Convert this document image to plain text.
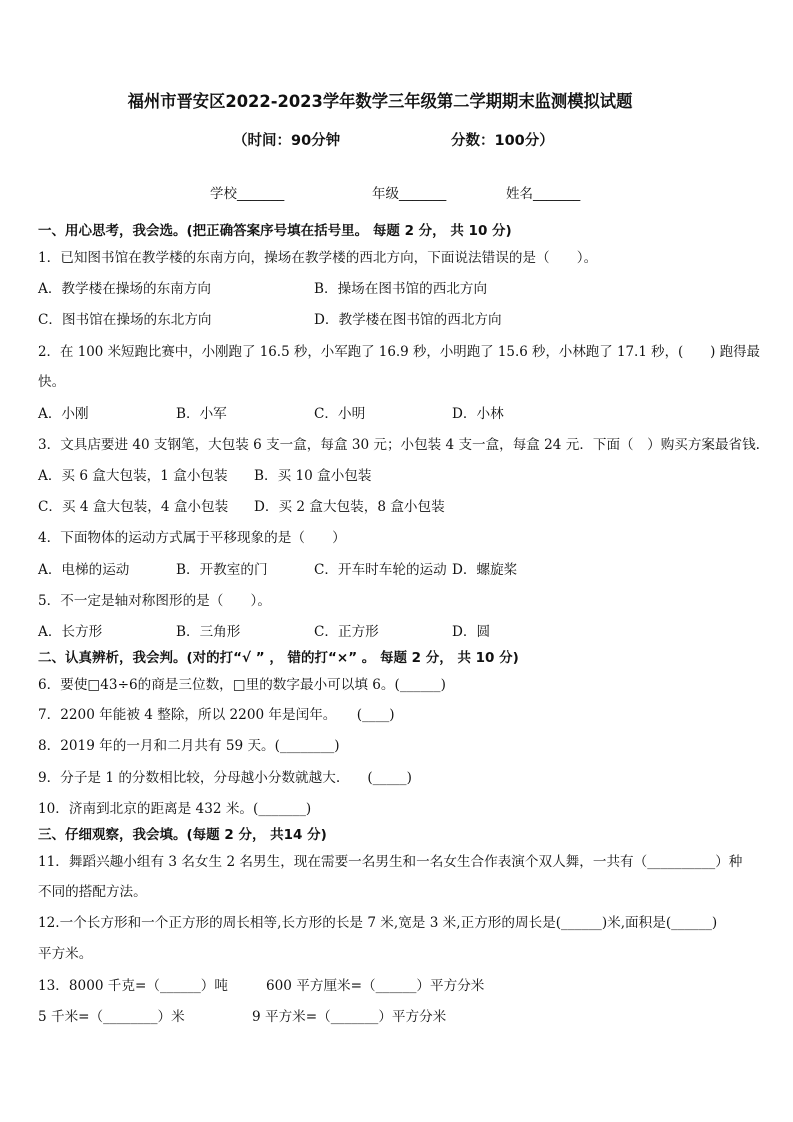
福州市晋安区2022-2023学年数学三年级第二学期期末监测模拟试题
（时间：90分钟	分数：100分）
学校_______	年级_______	姓名_______
一、用心思考，我会选。(把正确答案序号填在括号里。 每题 2 分， 共 10 分)
1．已知图书馆在教学楼的东南方向，操场在教学楼的西北方向，下面说法错误的是（　　）。
A．教学楼在操场的东南方向	B．操场在图书馆的西北方向
C．图书馆在操场的东北方向	D．教学楼在图书馆的西北方向
2．在 100 米短跑比赛中，小刚跑了 16.5 秒，小军跑了 16.9 秒，小明跑了 15.6 秒，小林跑了 17.1 秒，(　　) 跑得最
快。
A．小刚	B．小军	C．小明	D．小林
3．文具店要进 40 支钢笔，大包装 6 支一盒，每盒 30 元；小包装 4 支一盒，每盒 24 元．下面（　）购买方案最省钱.
A．买 6 盒大包装，1 盒小包装 B．买 10 盒小包装
C．买 4 盒大包装，4 盒小包装 D．买 2 盒大包装，8 盒小包装
4．下面物体的运动方式属于平移现象的是（　　）
A．电梯的运动	B．开教室的门	C．开车时车轮的运动 D．螺旋桨
5．不一定是轴对称图形的是（　　）。
A．长方形	B．三角形	C．正方形	D．圆
二、认真辨析，我会判。(对的打“√ ” ， 错的打“×” 。 每题 2 分， 共 10 分)
6．要使□43÷6的商是三位数，□里的数字最小可以填 6。(______)
7．2200 年能被 4 整除，所以 2200 年是闰年。　　(____)
8．2019 年的一月和二月共有 59 天。(________)
9．分子是 1 的分数相比较，分母越小分数就越大.　　(_____)
10．济南到北京的距离是 432 米。(_______)
三、仔细观察，我会填。(每题 2 分， 共14 分)
11．舞蹈兴趣小组有 3 名女生 2 名男生，现在需要一名男生和一名女生合作表演个双人舞，一共有（__________）种
不同的搭配方法。
12.一个长方形和一个正方形的周长相等,长方形的长是 7 米,宽是 3 米,正方形的周长是(______)米,面积是(______)
平方米。
13．8000 千克=（______）吨	600 平方厘米=（______）平方分米
5 千米=（________）米	9 平方米=（_______）平方分米
